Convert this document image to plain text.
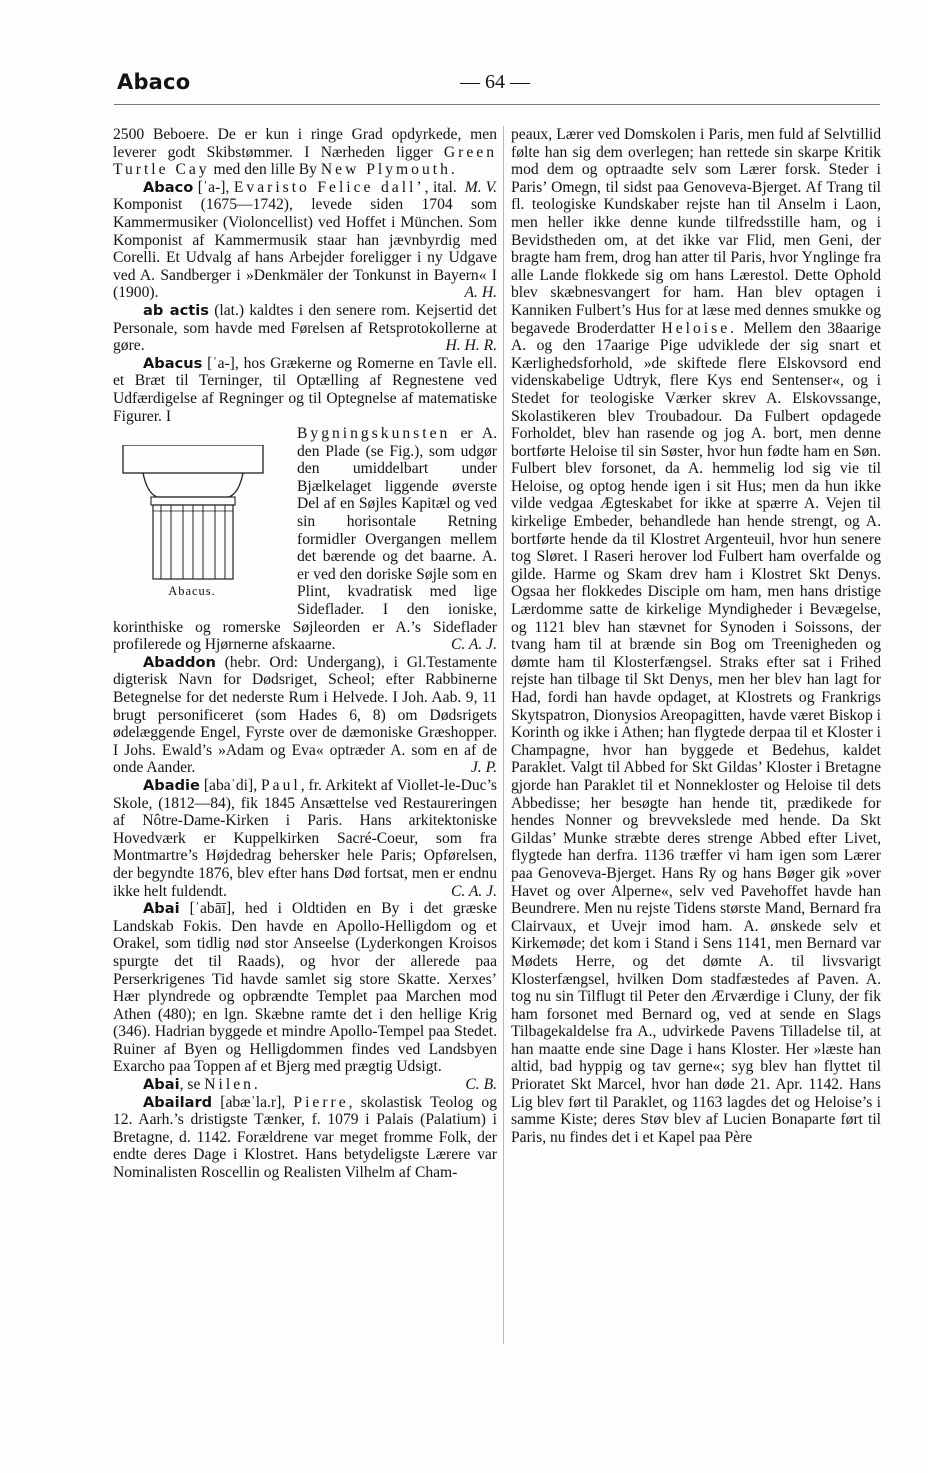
Abaco	— 64 —

2500 Beboere. De er kun i ringe Grad opdyrkede, men leverer godt Skibstømmer. I Nærheden ligger Green Turtle Cay med den lille By New Plymouth.
M. V.

Abaco [ˈa-], Evaristo Felice dall’, ital. Komponist (1675—1742), levede siden 1704 som Kammermusiker (Violoncellist) ved Hoffet i München. Som Komponist af Kammermusik staar han jævnbyrdig med Corelli. Et Udvalg af hans Arbejder foreligger i ny Udgave ved A. Sandberger i »Denkmäler der Tonkunst in Bayern« I (1900).	A. H.

ab actis (lat.) kaldtes i den senere rom. Kejsertid det Personale, som havde med Førelsen af Retsprotokollerne at gøre.	H. H. R.

Abacus [ˈa-], hos Grækerne og Romerne en Tavle ell. et Bræt til Terninger, til Optælling af Regnestene ved Udfærdigelse af Regninger og til Optegnelse af matematiske Figurer. I

Abacus.

Bygningskunsten er A. den Plade (se Fig.), som udgør den umiddelbart under Bjælkelaget liggende øverste Del af en Søjles Kapitæl og ved sin horisontale Retning formidler Overgangen mellem det bærende og det baarne. A. er ved den doriske Søjle som en Plint, kvadratisk med lige Sideflader. I den ioniske, korinthiske og romerske Søjleorden er A.’s Sideflader profilerede og Hjørnerne afskaarne.	C. A. J.

Abaddon (hebr. Ord: Undergang), i Gl.Testamente digterisk Navn for Dødsriget, Scheol; efter Rabbinerne Betegnelse for det nederste Rum i Helvede. I Joh. Aab. 9, 11 brugt personificeret (som Hades 6, 8) om Dødsrigets ødelæggende Engel, Fyrste over de dæmoniske Græshopper. I Johs. Ewald’s »Adam og Eva« optræder A. som en af de onde Aander.	J. P.

Abadie [abaˈdi], Paul, fr. Arkitekt af Viollet-le-Duc’s Skole, (1812—84), fik 1845 Ansættelse ved Restaureringen af Nôtre-Dame-Kirken i Paris. Hans arkitektoniske Hovedværk er Kuppelkirken Sacré-Coeur, som fra Montmartre’s Højdedrag behersker hele Paris; Opførelsen, der begyndte 1876, blev efter hans Død fortsat, men er endnu ikke helt fuldendt.	C. A. J.

Abai [ˈabāī], hed i Oldtiden en By i det græske Landskab Fokis. Den havde en Apollo-Helligdom og et Orakel, som tidlig nød stor Anseelse (Lyderkongen Kroisos spurgte det til Raads), og hvor der allerede paa Perserkrigenes Tid havde samlet sig store Skatte. Xerxes’ Hær plyndrede og opbrændte Templet paa Marchen mod Athen (480); en lgn. Skæbne ramte det i den hellige Krig (346). Hadrian byggede et mindre Apollo-Tempel paa Stedet. Ruiner af Byen og Helligdommen findes ved Landsbyen Exarcho paa Toppen af et Bjerg med prægtig Udsigt.
C. B.

Abai, se Nilen.

Abailard [abæˈla.r], Pierre, skolastisk Teolog og 12. Aarh.’s dristigste Tænker, f. 1079 i Palais (Palatium) i Bretagne, d. 1142. Forældrene var meget fromme Folk, der endte deres Dage i Klostret. Hans betydeligste Lærere var Nominalisten Roscellin og Realisten Vilhelm af Cham-

peaux, Lærer ved Domskolen i Paris, men fuld af Selvtillid følte han sig dem overlegen; han rettede sin skarpe Kritik mod dem og optraadte selv som Lærer forsk. Steder i Paris’ Omegn, til sidst paa Genoveva-Bjerget. Af Trang til fl. teologiske Kundskaber rejste han til Anselm i Laon, men heller ikke denne kunde tilfredsstille ham, og i Bevidstheden om, at det ikke var Flid, men Geni, der bragte ham frem, drog han atter til Paris, hvor Ynglinge fra alle Lande flokkede sig om hans Lærestol. Dette Ophold blev skæbnesvangert for ham. Han blev optagen i Kanniken Fulbert’s Hus for at læse med dennes smukke og begavede Broderdatter Heloise. Mellem den 38aarige A. og den 17aarige Pige udviklede der sig snart et Kærlighedsforhold, »de skiftede flere Elskovsord end videnskabelige Udtryk, flere Kys end Sentenser«, og i Stedet for teologiske Værker skrev A. Elskovssange, Skolastikeren blev Troubadour. Da Fulbert opdagede Forholdet, blev han rasende og jog A. bort, men denne bortførte Heloise til sin Søster, hvor hun fødte ham en Søn. Fulbert blev forsonet, da A. hemmelig lod sig vie til Heloise, og optog hende igen i sit Hus; men da hun ikke vilde vedgaa Ægteskabet for ikke at spærre A. Vejen til kirkelige Embeder, behandlede han hende strengt, og A. bortførte hende da til Klostret Argenteuil, hvor hun senere tog Sløret. I Raseri herover lod Fulbert ham overfalde og gilde. Harme og Skam drev ham i Klostret Skt Denys. Ogsaa her flokkedes Disciple om ham, men hans dristige Lærdomme satte de kirkelige Myndigheder i Bevægelse, og 1121 blev han stævnet for Synoden i Soissons, der tvang ham til at brænde sin Bog om Treenigheden og dømte ham til Klosterfængsel. Straks efter sat i Frihed rejste han tilbage til Skt Denys, men her blev han lagt for Had, fordi han havde opdaget, at Klostrets og Frankrigs Skytspatron, Dionysios Areopagitten, havde været Biskop i Korinth og ikke i Athen; han flygtede derpaa til et Kloster i Champagne, hvor han byggede et Bedehus, kaldet Paraklet. Valgt til Abbed for Skt Gildas’ Kloster i Bretagne gjorde han Paraklet til et Nonnekloster og Heloise til dets Abbedisse; her besøgte han hende tit, prædikede for hendes Nonner og brevvekslede med hende. Da Skt Gildas’ Munke stræbte deres strenge Abbed efter Livet, flygtede han derfra. 1136 træffer vi ham igen som Lærer paa Genoveva-Bjerget. Hans Ry og hans Bøger gik »over Havet og over Alperne«, selv ved Pavehoffet havde han Beundrere. Men nu rejste Tidens største Mand, Bernard fra Clairvaux, et Uvejr imod ham. A. ønskede selv et Kirkemøde; det kom i Stand i Sens 1141, men Bernard var Mødets Herre, og det dømte A. til livsvarigt Klosterfængsel, hvilken Dom stadfæstedes af Paven. A. tog nu sin Tilflugt til Peter den Ærværdige i Cluny, der fik ham forsonet med Bernard og, ved at sende en Slags Tilbagekaldelse fra A., udvirkede Pavens Tilladelse til, at han maatte ende sine Dage i hans Kloster. Her »læste han altid, bad hyppig og tav gerne«; syg blev han flyttet til Prioratet Skt Marcel, hvor han døde 21. Apr. 1142. Hans Lig blev ført til Paraklet, og 1163 lagdes det og Heloise’s i samme Kiste; deres Støv blev af Lucien Bonaparte ført til Paris, nu findes det i et Kapel paa Père
